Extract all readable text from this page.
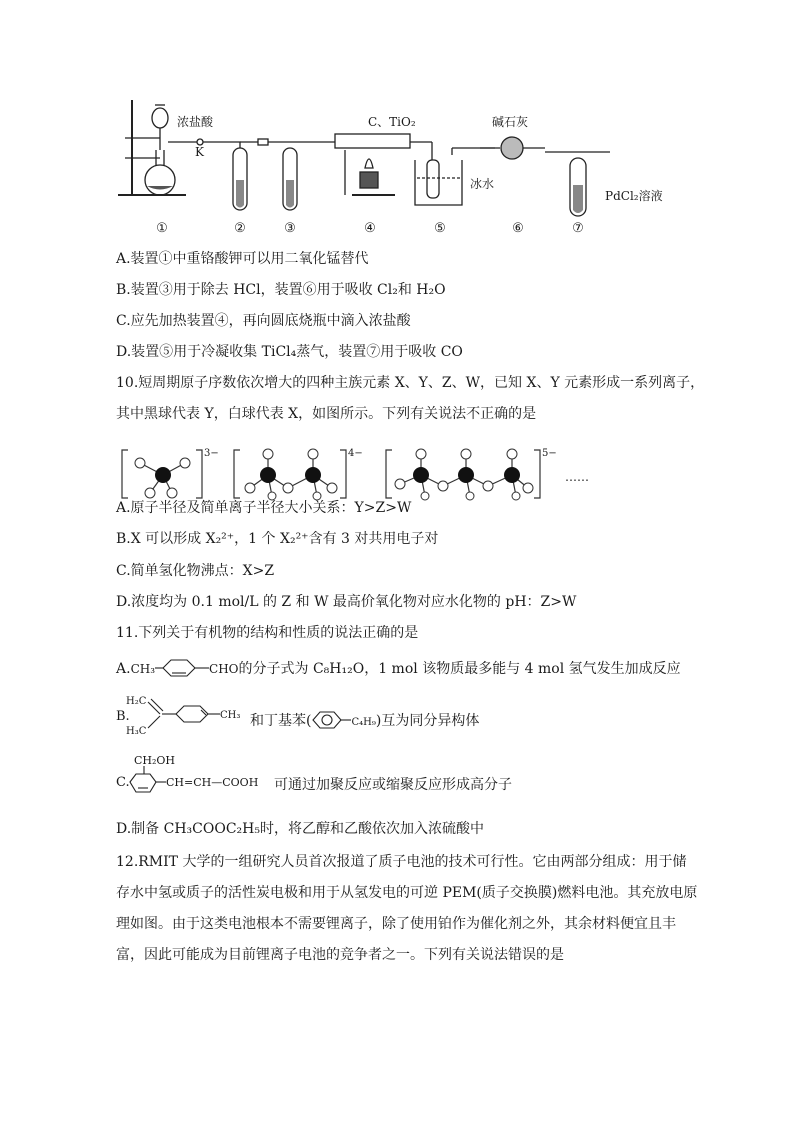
浓盐酸
K
C、TiO₂	碱石灰
冰水
PdCl₂溶液
①	②	③	④	⑤	⑥	⑦
A.装置①中重铬酸钾可以用二氧化锰替代
B.装置③用于除去 HCl，装置⑥用于吸收 Cl₂和 H₂O
C.应先加热装置④，再向圆底烧瓶中滴入浓盐酸
D.装置⑤用于冷凝收集 TiCl₄蒸气，装置⑦用于吸收 CO
10.短周期原子序数依次增大的四种主族元素 X、Y、Z、W，已知 X、Y 元素形成一系列离子，
其中黑球代表 Y，白球代表 X，如图所示。下列有关说法不正确的是
3−	4−	5−
……
A.原子半径及简单离子半径大小关系：Y>Z>W
B.X 可以形成 X₂²⁺，1 个 X₂²⁺含有 3 对共用电子对
C.简单氢化物沸点：X>Z
D.浓度均为 0.1 mol/L 的 Z 和 W 最高价氧化物对应水化物的 pH：Z>W
11.下列关于有机物的结构和性质的说法正确的是
A.CH₃	CHO的分子式为 C₈H₁₂O，1 mol 该物质最多能与 4 mol 氢气发生加成反应
B.
H₂C
H₃C
CH₃ 和丁基苯(	C₄H₉)互为同分异构体
C.
CH₂OH
CH=CH—COOH 可通过加聚反应或缩聚反应形成高分子
D.制备 CH₃COOC₂H₅时，将乙醇和乙酸依次加入浓硫酸中
12.RMIT 大学的一组研究人员首次报道了质子电池的技术可行性。它由两部分组成：用于储
存水中氢或质子的活性炭电极和用于从氢发电的可逆 PEM(质子交换膜)燃料电池。其充放电原
理如图。由于这类电池根本不需要锂离子，除了使用铂作为催化剂之外，其余材料便宜且丰
富，因此可能成为目前锂离子电池的竞争者之一。下列有关说法错误的是
